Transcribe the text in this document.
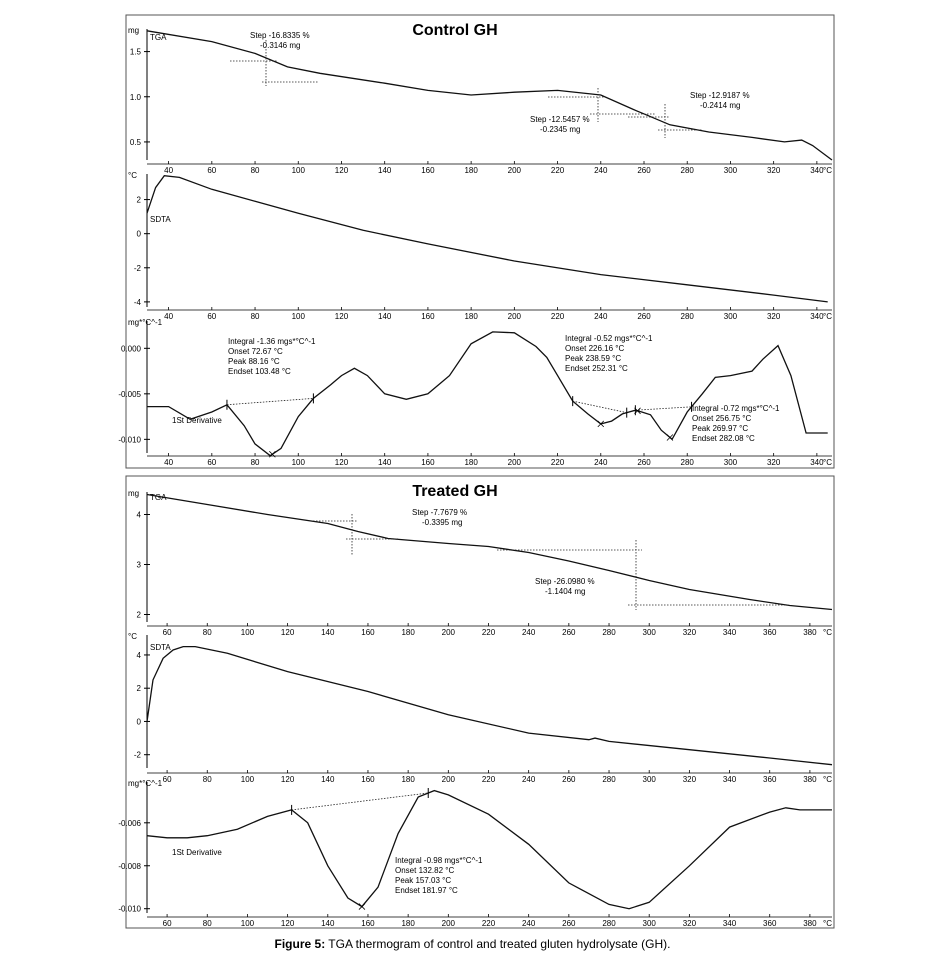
Control GH
mg
TGA
0.5
1.0
1.5
40	60	80	100	120	140	160	180	200	220	240	260	280	300	320	340 °C
Step -16.8335 %
-0.3146 mg
Step -12.5457 %
-0.2345 mg
Step -12.9187 %
-0.2414 mg
°C
SDTA
-4
-2
0
2
40	60	80	100	120	140	160	180	200	220	240	260	280	300	320	340 °C
mg*°C^-1
1St Derivative
-0.010
-0.005
0.000
40	60	80	100	120	140	160	180	200	220	240	260	280	300	320	340 °C
Integral -1.36 mgs*°C^-1
Onset 72.67 °C
Peak 88.16 °C
Endset 103.48 °C
Integral -0.52 mgs*°C^-1
Onset 226.16 °C
Peak 238.59 °C
Endset 252.31 °C
Integral -0.72 mgs*°C^-1
Onset 256.75 °C
Peak 269.97 °C
Endset 282.08 °C
Treated GH
mg TGA
2
3
4
60	80	100	120	140	160	180	200	220	240	260	280	300	320	340	360	380 °C
Step -7.7679 %
-0.3395 mg
Step -26.0980 %
-1.1404 mg
°C
SDTA
-2
0
2
4
60	80	100	120	140	160	180	200	220	240	260	280	300	320	340	360	380 °C
mg*°C^-1
1St Derivative
-0.010
-0.008
-0.006
60	80	100	120	140	160	180	200	220	240	260	280	300	320	340	360	380 °C
Integral -0.98 mgs*°C^-1
Onset 132.82 °C
Peak 157.03 °C
Endset 181.97 °C
Figure 5: TGA thermogram of control and treated gluten hydrolysate (GH).
